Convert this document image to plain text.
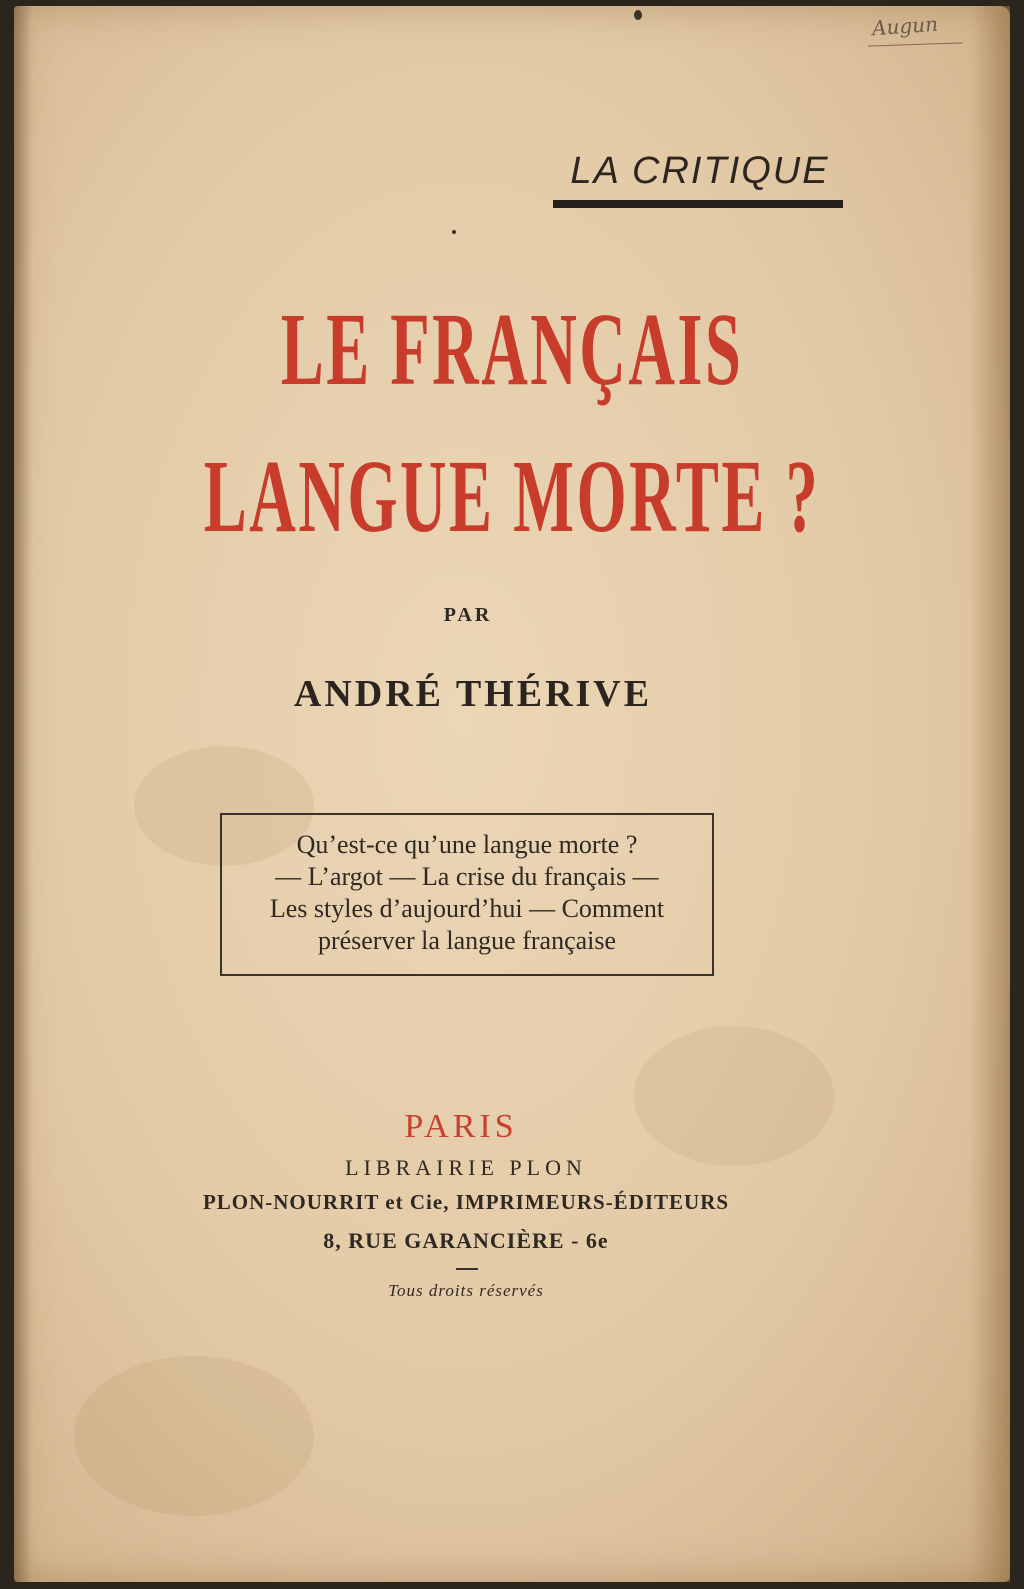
Augun
LA CRITIQUE
LE FRANÇAIS
LANGUE MORTE ?
PAR
ANDRÉ THÉRIVE
Qu’est-ce qu’une langue morte ?
— L’argot — La crise du français —
Les styles d’aujourd’hui — Comment
préserver la langue française
PARIS
LIBRAIRIE PLON
PLON-NOURRIT et Cie, IMPRIMEURS-ÉDITEURS
8, RUE GARANCIÈRE - 6e
Tous droits réservés
